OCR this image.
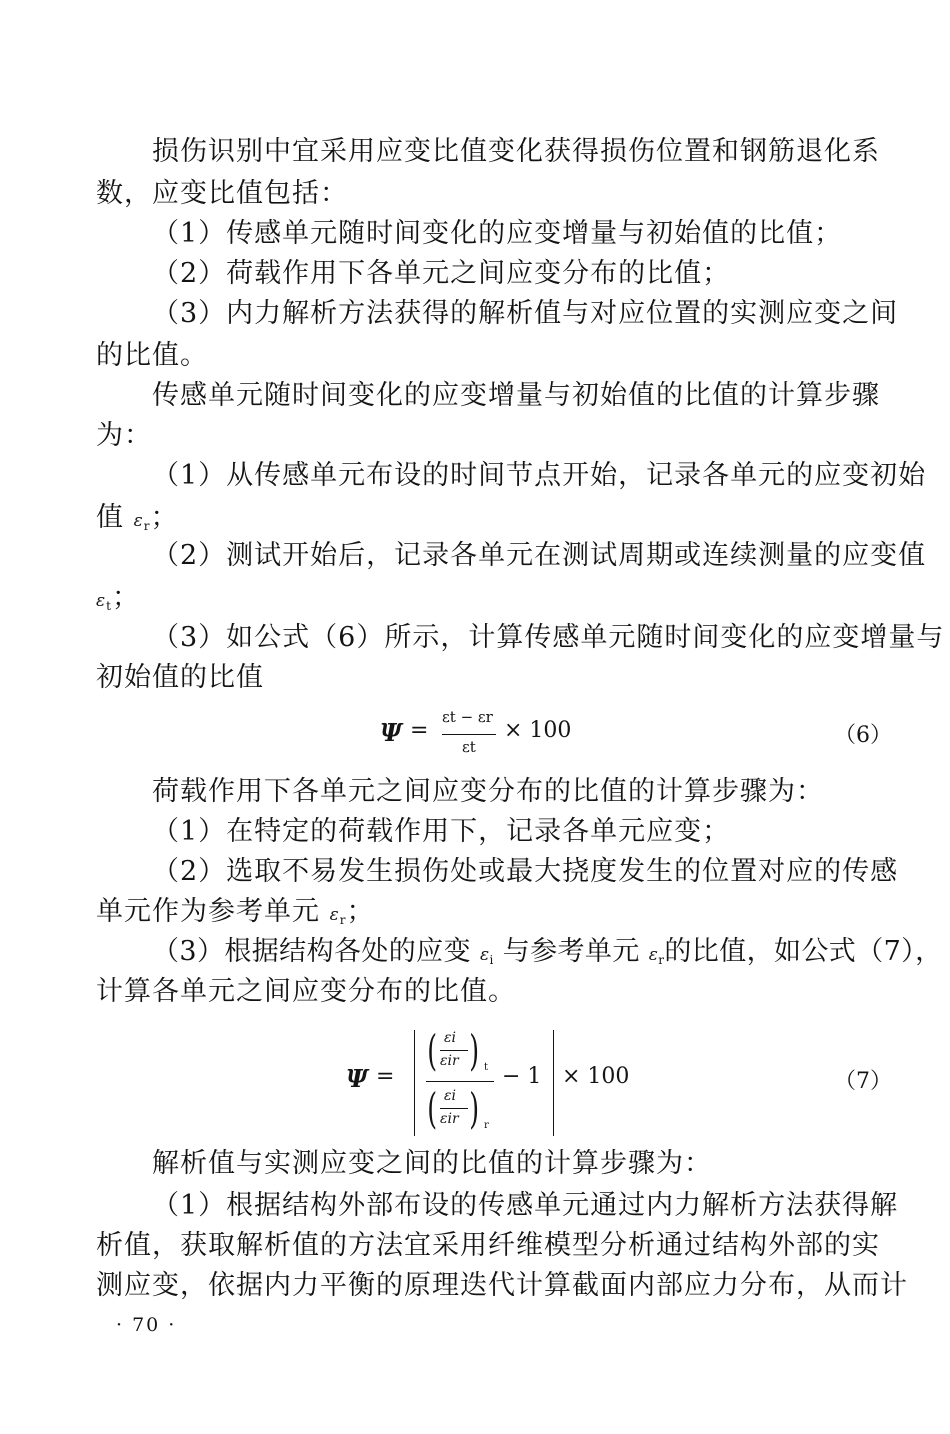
损伤识别中宜采用应变比值变化获得损伤位置和钢筋退化系

数，应变比值包括：

（1）传感单元随时间变化的应变增量与初始值的比值；

（2）荷载作用下各单元之间应变分布的比值；

（3）内力解析方法获得的解析值与对应位置的实测应变之间

的比值。

传感单元随时间变化的应变增量与初始值的比值的计算步骤

为：

（1）从传感单元布设的时间节点开始，记录各单元的应变初始

值 $\varepsilon_r$；

（2）测试开始后，记录各单元在测试周期或连续测量的应变值

$\varepsilon_t$；

（3）如公式（6）所示，计算传感单元随时间变化的应变增量与

初始值的比值

Ψ =
εt − εr
εt
× 100	（6）

荷载作用下各单元之间应变分布的比值的计算步骤为：

（1）在特定的荷载作用下，记录各单元应变；

（2）选取不易发生损伤处或最大挠度发生的位置对应的传感

单元作为参考单元 $\varepsilon_r$；

（3）根据结构各处的应变 $\varepsilon_i$ 与参考单元 $\varepsilon_r$的比值，如公式（7），

计算各单元之间应变分布的比值。

Ψ =
( εi
εir ) t
( εi
εir ) r
− 1 × 100	（7）

解析值与实测应变之间的比值的计算步骤为：

（1）根据结构外部布设的传感单元通过内力解析方法获得解

析值，获取解析值的方法宜采用纤维模型分析通过结构外部的实

测应变，依据内力平衡的原理迭代计算截面内部应力分布，从而计

· 70 ·
